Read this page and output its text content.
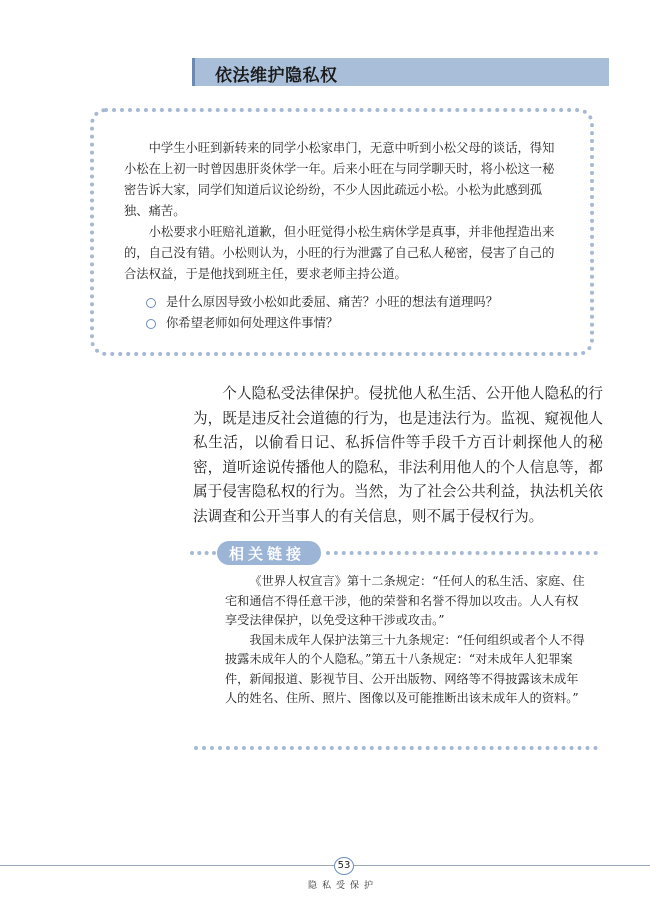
依法维护隐私权

中学生小旺到新转来的同学小松家串门，无意中听到小松父母的谈话，得知小松在上初一时曾因患肝炎休学一年。后来小旺在与同学聊天时，将小松这一秘密告诉大家，同学们知道后议论纷纷，不少人因此疏远小松。小松为此感到孤独、痛苦。

小松要求小旺赔礼道歉，但小旺觉得小松生病休学是真事，并非他捏造出来的，自己没有错。小松则认为，小旺的行为泄露了自己私人秘密，侵害了自己的合法权益，于是他找到班主任，要求老师主持公道。

是什么原因导致小松如此委屈、痛苦？小旺的想法有道理吗？
你希望老师如何处理这件事情？

个人隐私受法律保护。侵扰他人私生活、公开他人隐私的行为，既是违反社会道德的行为，也是违法行为。监视、窥视他人私生活，以偷看日记、私拆信件等手段千方百计刺探他人的秘密，道听途说传播他人的隐私，非法利用他人的个人信息等，都属于侵害隐私权的行为。当然，为了社会公共利益，执法机关依法调查和公开当事人的有关信息，则不属于侵权行为。

相关链接

《世界人权宣言》第十二条规定：“任何人的私生活、家庭、住宅和通信不得任意干涉，他的荣誉和名誉不得加以攻击。人人有权享受法律保护，以免受这种干涉或攻击。”

我国未成年人保护法第三十九条规定：“任何组织或者个人不得披露未成年人的个人隐私。”第五十八条规定：“对未成年人犯罪案件，新闻报道、影视节目、公开出版物、网络等不得披露该未成年人的姓名、住所、照片、图像以及可能推断出该未成年人的资料。”

53
隐私受保护
